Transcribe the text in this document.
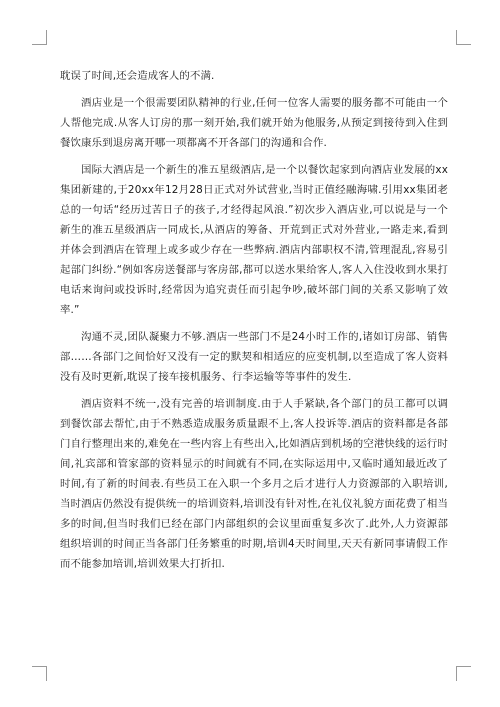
耽误了时间,还会造成客人的不满.

酒店业是一个很需要团队精神的行业,任何一位客人需要的服务都不可能由一个人帮他完成.从客人订房的那一刻开始,我们就开始为他服务,从预定到接待到入住到餐饮康乐到退房离开哪一项都离不开各部门的沟通和合作.

国际大酒店是一个新生的准五星级酒店,是一个以餐饮起家到向酒店业发展的xx集团新建的,于20xx年12月28日正式对外试营业,当时正值经融海啸.引用xx集团老总的一句话“经历过苦日子的孩子,才经得起风浪.”初次步入酒店业,可以说是与一个新生的准五星级酒店一同成长,从酒店的筹备、开荒到正式对外营业,一路走来,看到并体会到酒店在管理上或多或少存在一些弊病.酒店内部职权不清,管理混乱,容易引起部门纠纷.“例如客房送餐部与客房部,都可以送水果给客人,客人入住没收到水果打电话来询问或投诉时,经常因为追究责任而引起争吵,破坏部门间的关系又影响了效率.”

沟通不灵,团队凝聚力不够.酒店一些部门不是24小时工作的,诸如订房部、销售部……各部门之间恰好又没有一定的默契和相适应的应变机制,以至造成了客人资料没有及时更新,耽误了接车接机服务、行李运输等等事件的发生.

酒店资料不统一,没有完善的培训制度.由于人手紧缺,各个部门的员工都可以调到餐饮部去帮忙,由于不熟悉造成服务质量跟不上,客人投诉等.酒店的资料都是各部门自行整理出来的,难免在一些内容上有些出入,比如酒店到机场的空港快线的运行时间,礼宾部和管家部的资料显示的时间就有不同,在实际运用中,又临时通知最近改了时间,有了新的时间表.有些员工在入职一个多月之后才进行人力资源部的入职培训,当时酒店仍然没有提供统一的培训资料,培训没有针对性,在礼仪礼貌方面花费了相当多的时间,但当时我们已经在部门内部组织的会议里面重复多次了.此外,人力资源部组织培训的时间正当各部门任务繁重的时期,培训4天时间里,天天有新同事请假工作而不能参加培训,培训效果大打折扣.
